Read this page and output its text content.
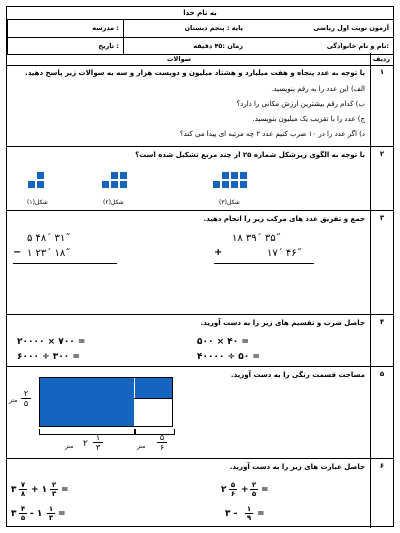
به نام خدا
آزمون نوبت اول ریاضی
نام و نام خانوادگی:
پایه : پنجم دبستان
زمان :۴۵ دقیقه
مدرسه :
تاریخ :
ردیف
سوالات
۱
با توجه به عدد پنجاه و هفت میلیارد و هشتاد میلیون و دویست هزار و سه به سوالات زیر پاسخ دهید.
الف) این عدد را به رقم بنویسید.
ب) کدام رقم بیشترین ارزش مکانی را دارد؟
ج) عدد را با تقریب یک میلیون بنویسید.
د) اگر عدد را در ۱۰ ضرب کنیم عدد ۲ چه مرتبه ای پیدا می کند؟
۲
با توجه به الگوی زیرشکل شماره ۲۵ از چند مربع تشکیل شده است؟
شکل(۳)
شکل(۲)
شکل(۱)
۳
جمع و تفریق عدد های مرکب زیر را انجام دهید.
۵ ۴۸´ ۳۱˝
− ۱ ۲۳´ ۱۸˝
۱۸ ۳۹´ ۳۵˝
+	۱۷´ ۴۶˝
۴
حاصل ضرب و تقسیم های زیر را به دست آورید.
۲۰۰۰۰ × ۷۰۰ =	۵۰۰ × ۴۰ =
۶۰۰۰ ÷ ۳۰۰ =	۴۰۰۰۰ ÷ ۵۰ =
۵
مساحت قسمت رنگی را به دست آورید.
۲
۵
متر
متر ۲
۱
۳	متر
۵
۶
۶
حاصل عبارت های زیر را به دست آورید.
۳ ۷
۸ + ۱ ۲
۳ =	۲ ۵
۶ + ۲
۵ =
۳ ۴
۵ - ۱ ۱
۳ =	۳ - ۱
۹ =
